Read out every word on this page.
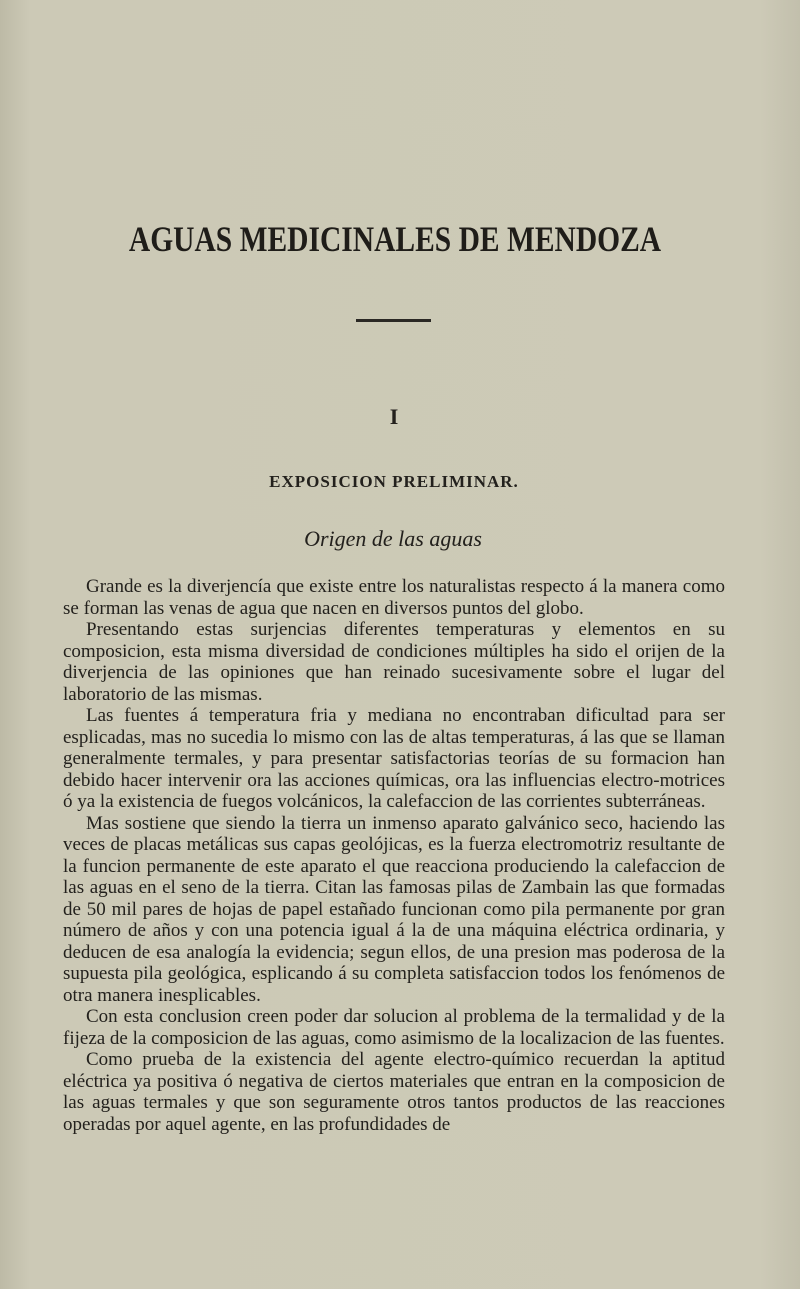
AGUAS MEDICINALES DE MENDOZA
I
EXPOSICION PRELIMINAR.
Origen de las aguas

Grande es la diverjencía que existe entre los naturalistas respecto á la manera como se forman las venas de agua que nacen en diversos puntos del globo.

Presentando estas surjencias diferentes temperaturas y elementos en su composicion, esta misma diversidad de condiciones múltiples ha sido el orijen de la diverjencia de las opiniones que han reinado sucesivamente sobre el lugar del laboratorio de las mismas.

Las fuentes á temperatura fria y mediana no encontraban dificultad para ser esplicadas, mas no sucedia lo mismo con las de altas temperaturas, á las que se llaman generalmente termales, y para presentar satisfactorias teorías de su formacion han debido hacer intervenir ora las acciones químicas, ora las influencias electro-motrices ó ya la existencia de fuegos volcánicos, la calefaccion de las corrientes subterráneas.

Mas sostiene que siendo la tierra un inmenso aparato galvánico seco, haciendo las veces de placas metálicas sus capas geolójicas, es la fuerza electromotriz resultante de la funcion permanente de este aparato el que reacciona produciendo la calefaccion de las aguas en el seno de la tierra. Citan las famosas pilas de Zambain las que formadas de 50 mil pares de hojas de papel estañado funcionan como pila permanente por gran número de años y con una potencia igual á la de una máquina eléctrica ordinaria, y deducen de esa analogía la evidencia; segun ellos, de una presion mas poderosa de la supuesta pila geológica, esplicando á su completa satisfaccion todos los fenómenos de otra manera inesplicables.

Con esta conclusion creen poder dar solucion al problema de la termalidad y de la fijeza de la composicion de las aguas, como asimismo de la localizacion de las fuentes.

Como prueba de la existencia del agente electro-químico recuerdan la aptitud eléctrica ya positiva ó negativa de ciertos materiales que entran en la composicion de las aguas termales y que son seguramente otros tantos productos de las reacciones operadas por aquel agente, en las profundidades de
